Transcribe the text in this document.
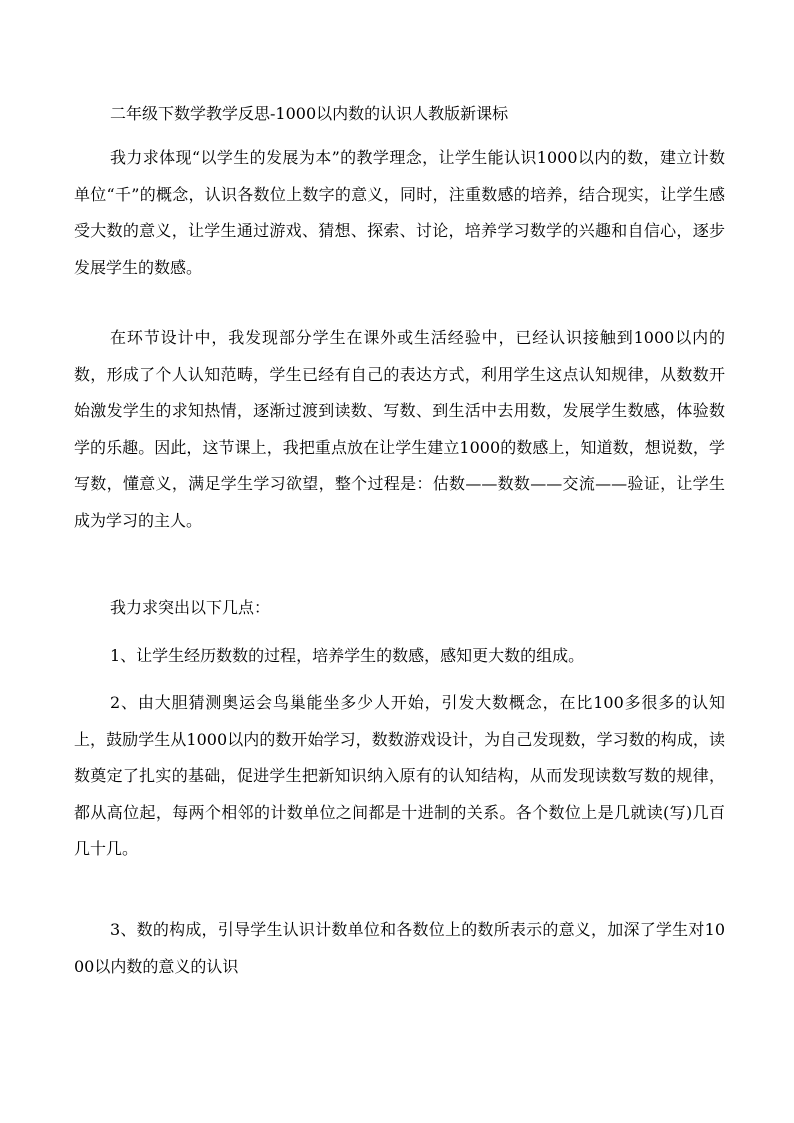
二年级下数学教学反思-1000以内数的认识人教版新课标

我力求体现“以学生的发展为本”的教学理念，让学生能认识1000以内的数，建立计数单位“千”的概念，认识各数位上数字的意义，同时，注重数感的培养，结合现实，让学生感受大数的意义，让学生通过游戏、猜想、探索、讨论，培养学习数学的兴趣和自信心，逐步发展学生的数感。

在环节设计中，我发现部分学生在课外或生活经验中，已经认识接触到1000以内的数，形成了个人认知范畴，学生已经有自己的表达方式，利用学生这点认知规律，从数数开始激发学生的求知热情，逐渐过渡到读数、写数、到生活中去用数，发展学生数感，体验数学的乐趣。因此，这节课上，我把重点放在让学生建立1000的数感上，知道数，想说数，学写数，懂意义，满足学生学习欲望，整个过程是：估数——数数——交流——验证，让学生成为学习的主人。

我力求突出以下几点：

1、让学生经历数数的过程，培养学生的数感，感知更大数的组成。

2、由大胆猜测奥运会鸟巢能坐多少人开始，引发大数概念，在比100多很多的认知上，鼓励学生从1000以内的数开始学习，数数游戏设计，为自己发现数，学习数的构成，读数奠定了扎实的基础，促进学生把新知识纳入原有的认知结构，从而发现读数写数的规律，都从高位起，每两个相邻的计数单位之间都是十进制的关系。各个数位上是几就读(写)几百几十几。

3、数的构成，引导学生认识计数单位和各数位上的数所表示的意义，加深了学生对1000以内数的意义的认识
